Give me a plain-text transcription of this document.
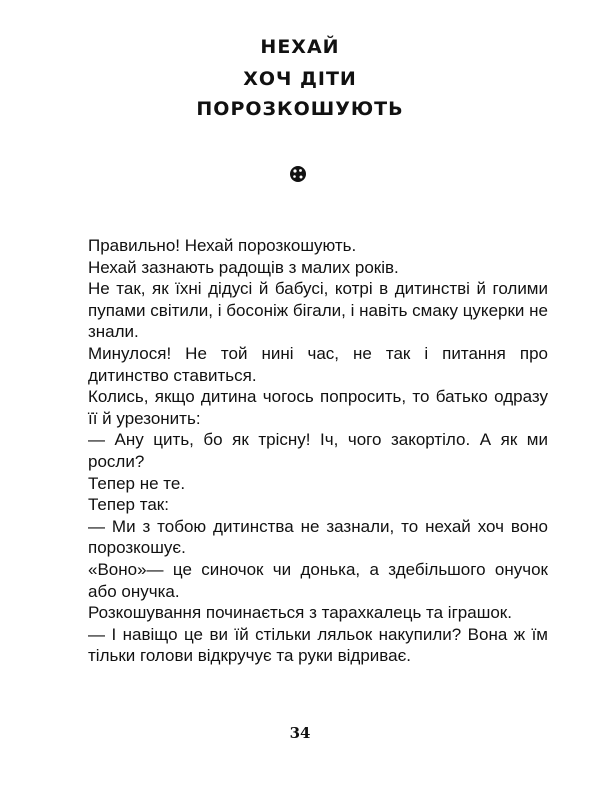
НЕХАЙ
ХОЧ ДІТИ
ПОРОЗКОШУЮТЬ

Правильно! Нехай порозкошують.

Нехай зазнають радощів з малих років.

Не так, як їхні дідусі й бабусі, котрі в дитинстві й голими пупами світили, і босоніж бігали, і навіть смаку цукерки не знали.

Минулося! Не той нині час, не так і питання про дитинство ставиться.

Колись, якщо дитина чогось попросить, то батько одразу її й урезонить:

— Ану цить, бо як трісну! Іч, чого закортіло. А як ми росли?

Тепер не те.

Тепер так:

— Ми з тобою дитинства не зазнали, то нехай хоч воно порозкошує.

«Воно»— це синочок чи донька, а здебільшого онучок або онучка.

Розкошування починається з тарахкалець та іграшок.

— І навіщо це ви їй стільки ляльок накупили? Вона ж їм тільки голови відкручує та руки відриває.

34
